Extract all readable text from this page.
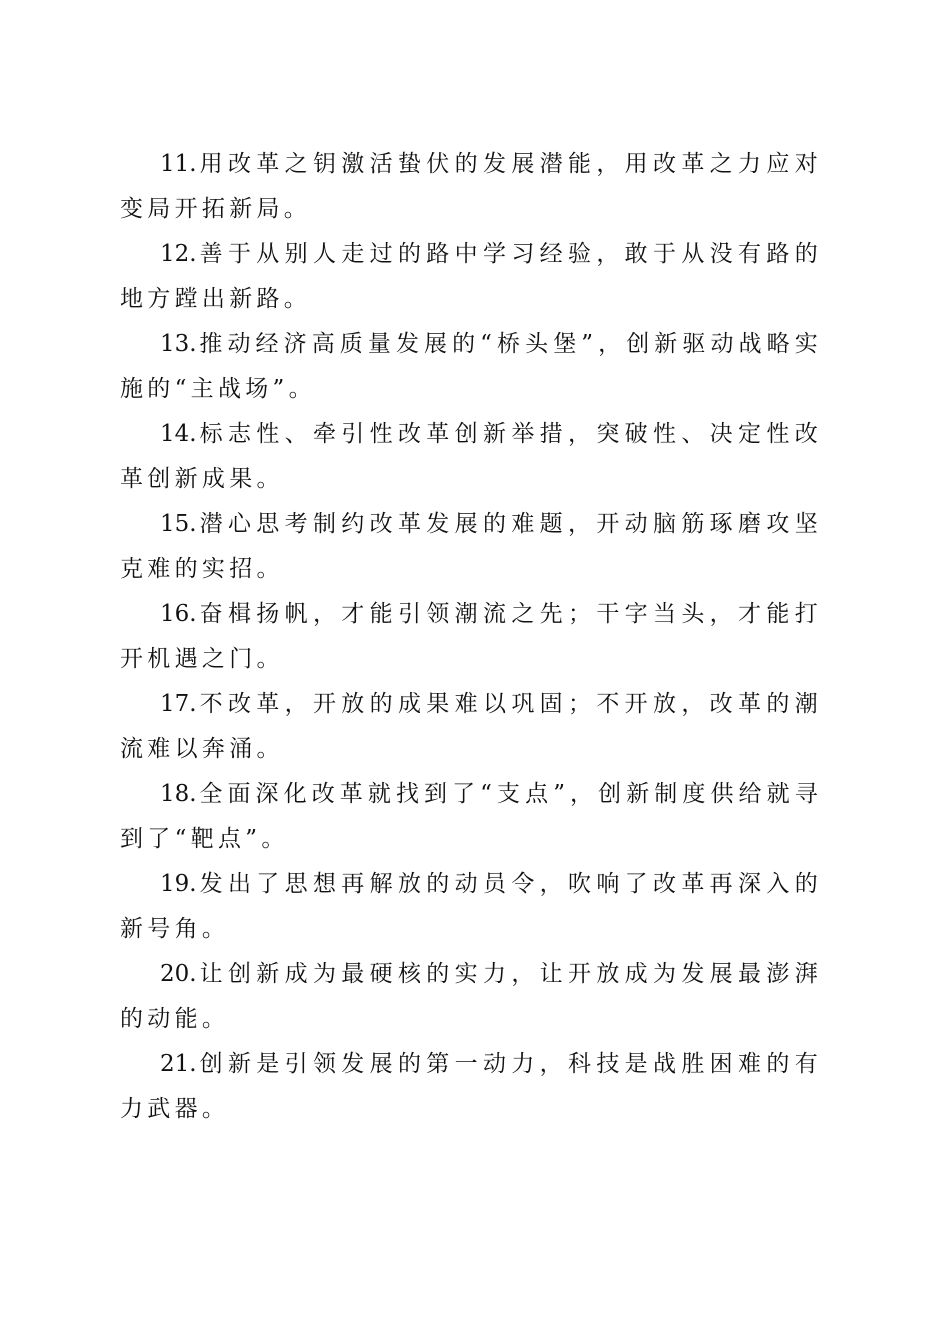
11.用改革之钥激活蛰伏的发展潜能，用改革之力应对变局开拓新局。

12.善于从别人走过的路中学习经验，敢于从没有路的地方蹚出新路。

13.推动经济高质量发展的“桥头堡”，创新驱动战略实施的“主战场”。

14.标志性、牵引性改革创新举措，突破性、决定性改革创新成果。

15.潜心思考制约改革发展的难题，开动脑筋琢磨攻坚克难的实招。

16.奋楫扬帆，才能引领潮流之先；干字当头，才能打开机遇之门。

17.不改革，开放的成果难以巩固；不开放，改革的潮流难以奔涌。

18.全面深化改革就找到了“支点”，创新制度供给就寻到了“靶点”。

19.发出了思想再解放的动员令，吹响了改革再深入的新号角。

20.让创新成为最硬核的实力，让开放成为发展最澎湃的动能。

21.创新是引领发展的第一动力，科技是战胜困难的有力武器。
